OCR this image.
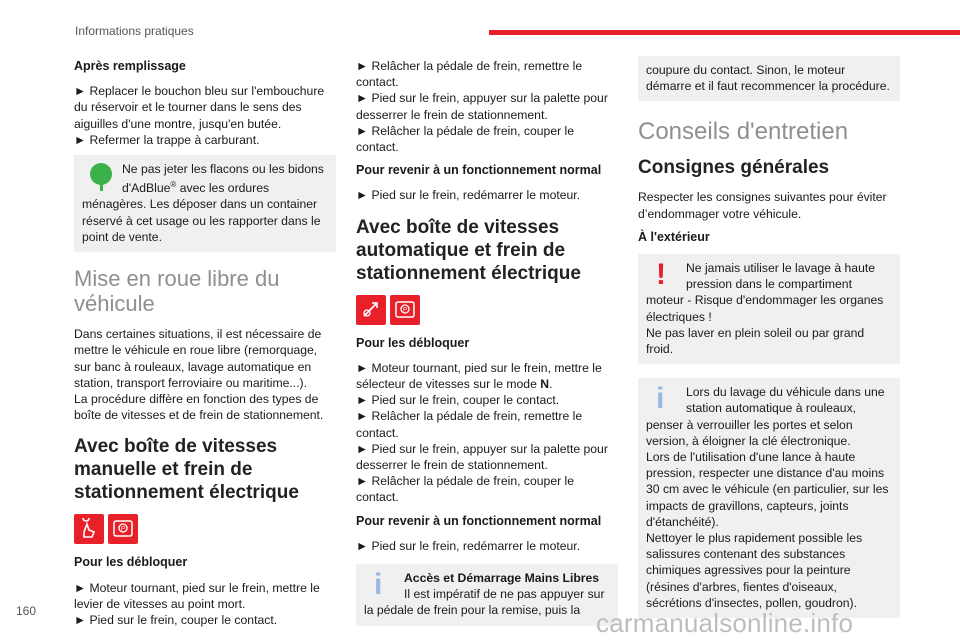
Informations pratiques

Après remplissage

► Replacer le bouchon bleu sur l'embouchure du réservoir et le tourner dans le sens des aiguilles d'une montre, jusqu'en butée.
► Refermer la trappe à carburant.

Ne pas jeter les flacons ou les bidons d'AdBlue® avec les ordures ménagères. Les déposer dans un container réservé à cet usage ou les rapporter dans le point de vente.
Mise en roue libre du véhicule

Dans certaines situations, il est nécessaire de mettre le véhicule en roue libre (remorquage, sur banc à rouleaux, lavage automatique en station, transport ferroviaire ou maritime...).
La procédure diffère en fonction des types de boîte de vitesses et de frein de stationnement.

Avec boîte de vitesses manuelle et frein de stationnement électrique
P

Pour les débloquer

► Moteur tournant, pied sur le frein, mettre le levier de vitesses au point mort.
► Pied sur le frein, couper le contact.

► Relâcher la pédale de frein, remettre le contact.
► Pied sur le frein, appuyer sur la palette pour desserrer le frein de stationnement.
► Relâcher la pédale de frein, couper le contact.

Pour revenir à un fonctionnement normal

► Pied sur le frein, redémarrer le moteur.

Avec boîte de vitesses automatique et frein de stationnement électrique
P

Pour les débloquer

► Moteur tournant, pied sur le frein, mettre le sélecteur de vitesses sur le mode N.
► Pied sur le frein, couper le contact.
► Relâcher la pédale de frein, remettre le contact.
► Pied sur le frein, appuyer sur la palette pour desserrer le frein de stationnement.
► Relâcher la pédale de frein, couper le contact.

Pour revenir à un fonctionnement normal

► Pied sur le frein, redémarrer le moteur.

i	Accès et Démarrage Mains Libres
Il est impératif de ne pas appuyer sur la pédale de frein pour la remise, puis la
coupure du contact. Sinon, le moteur démarre et il faut recommencer la procédure.
Conseils d'entretien
Consignes générales

Respecter les consignes suivantes pour éviter d’endommager votre véhicule.

À l'extérieur

!	Ne jamais utiliser le lavage à haute pression dans le compartiment moteur - Risque d'endommager les organes électriques !
Ne pas laver en plein soleil ou par grand froid.
i	Lors du lavage du véhicule dans une station automatique à rouleaux, penser à verrouiller les portes et selon version, à éloigner la clé électronique.
Lors de l'utilisation d'une lance à haute pression, respecter une distance d'au moins 30 cm avec le véhicule (en particulier, sur les impacts de gravillons, capteurs, joints d'étanchéité).
Nettoyer le plus rapidement possible les salissures contenant des substances chimiques agressives pour la peinture (résines d'arbres, fientes d'oiseaux, sécrétions d'insectes, pollen, goudron).
160	carmanualsonline.info
